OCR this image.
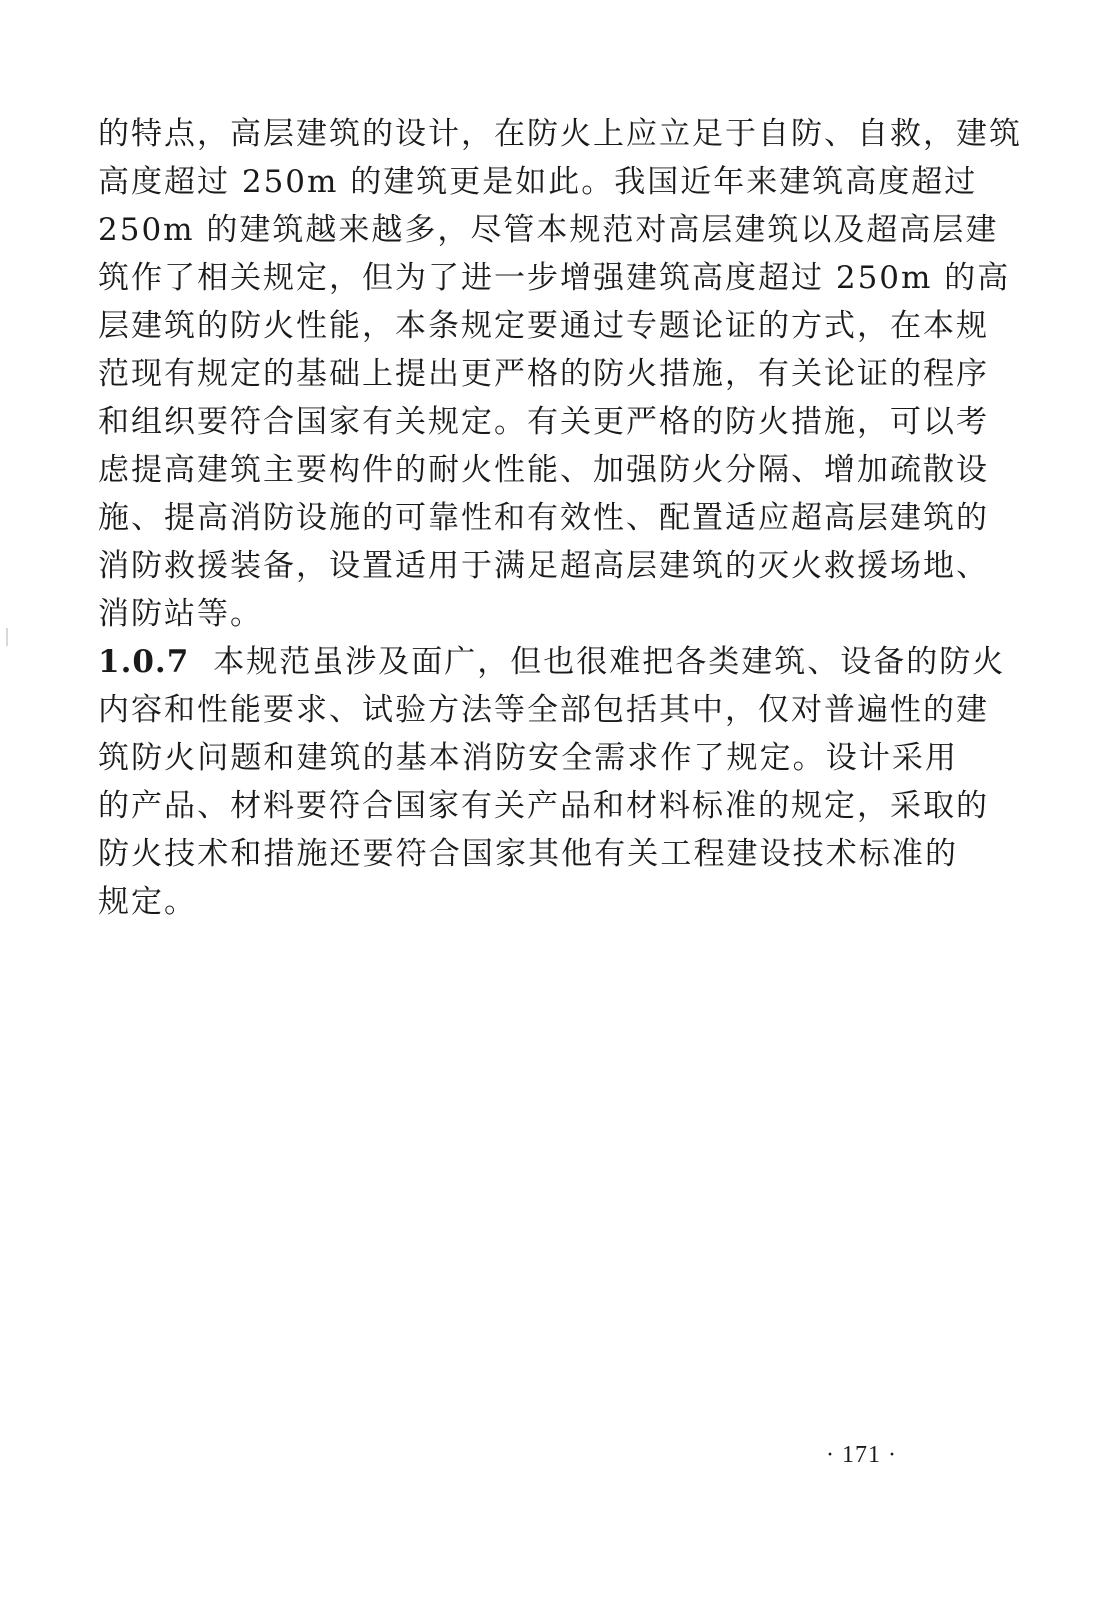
的特点，高层建筑的设计，在防火上应立足于自防、自救，建筑
高度超过 250m 的建筑更是如此。我国近年来建筑高度超过
250m 的建筑越来越多，尽管本规范对高层建筑以及超高层建
筑作了相关规定，但为了进一步增强建筑高度超过 250m 的高
层建筑的防火性能，本条规定要通过专题论证的方式，在本规
范现有规定的基础上提出更严格的防火措施，有关论证的程序
和组织要符合国家有关规定。有关更严格的防火措施，可以考
虑提高建筑主要构件的耐火性能、加强防火分隔、增加疏散设
施、提高消防设施的可靠性和有效性、配置适应超高层建筑的
消防救援装备，设置适用于满足超高层建筑的灭火救援场地、
消防站等。
1.0.7 本规范虽涉及面广，但也很难把各类建筑、设备的防火
内容和性能要求、试验方法等全部包括其中，仅对普遍性的建
筑防火问题和建筑的基本消防安全需求作了规定。设计采用
的产品、材料要符合国家有关产品和材料标准的规定，采取的
防火技术和措施还要符合国家其他有关工程建设技术标准的
规定。
· 171 ·
